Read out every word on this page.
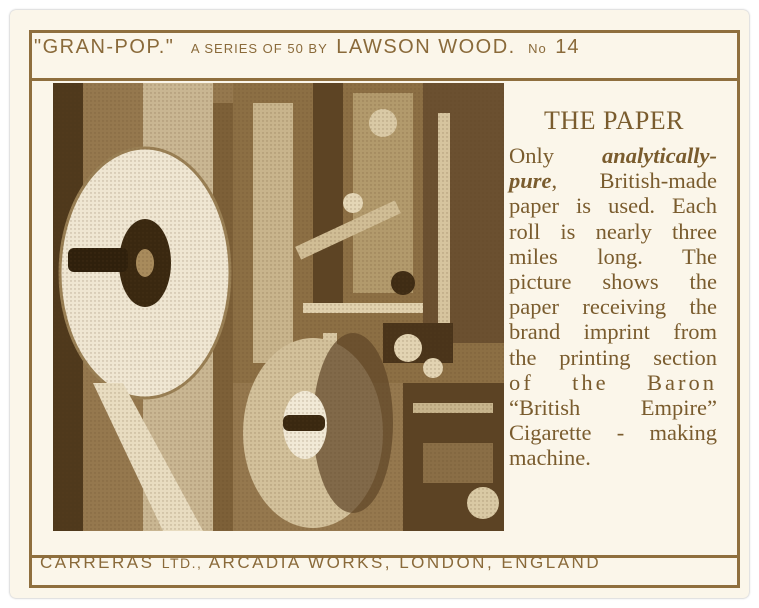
"GRAN-POP." A SERIES OF 50 BY LAWSON WOOD. No 14
THE PAPER
Only analytically-
pure, British-made
paper is used. Each
roll is nearly three
miles long. The
picture shows the
paper receiving the
brand imprint from
the printing section
of the Baron
“British Empire”
Cigarette - making
machine.
CARRERAS LTD., ARCADIA WORKS, LONDON, ENGLAND
